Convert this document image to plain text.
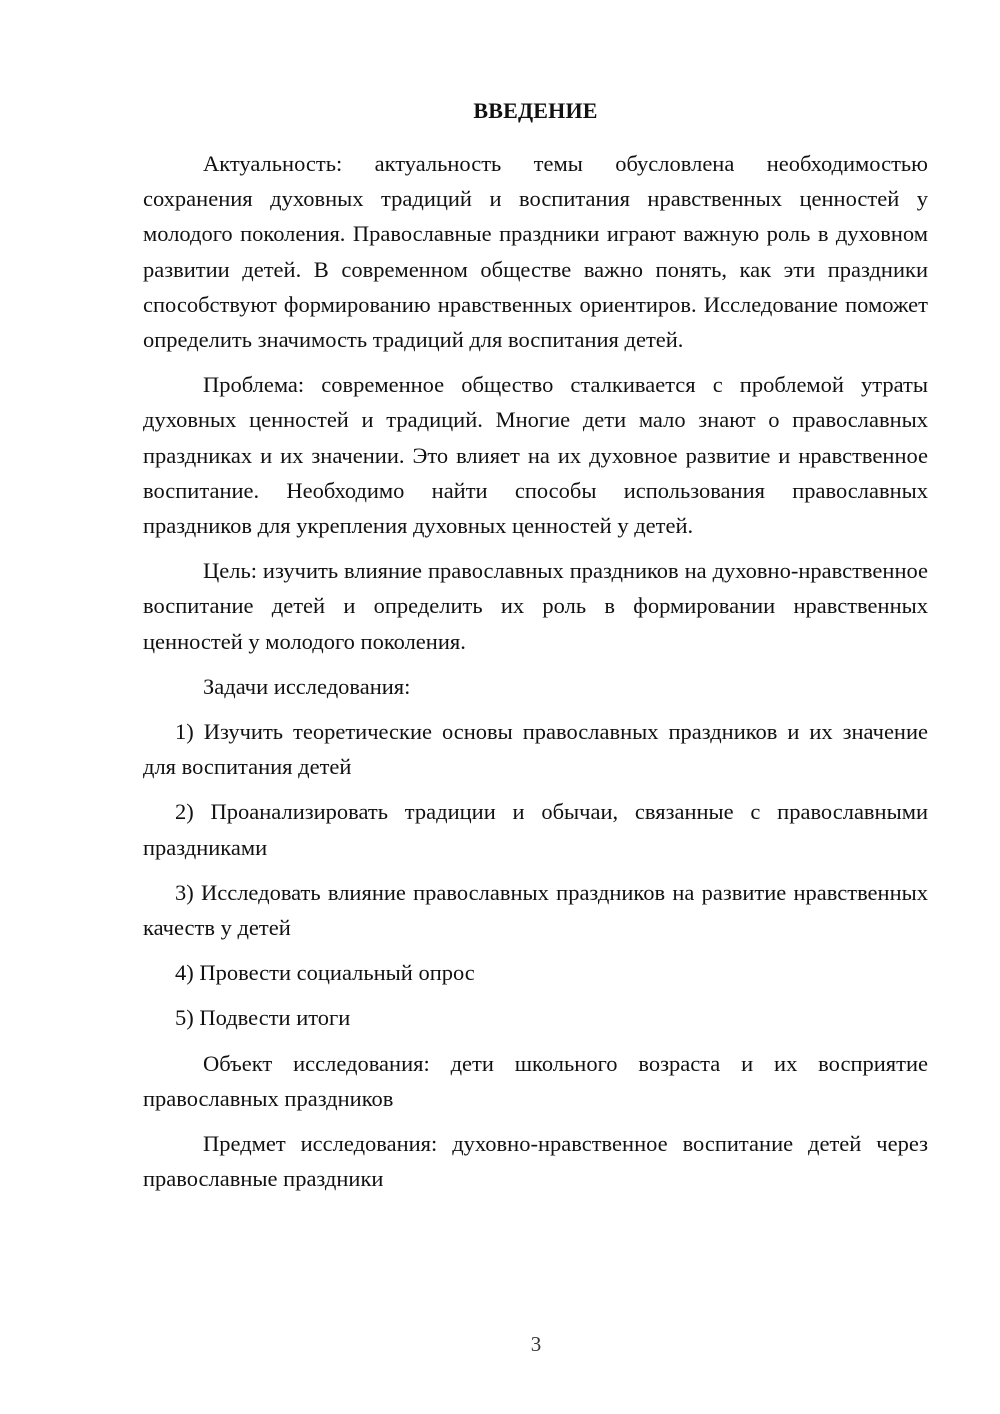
ВВЕДЕНИЕ

Актуальность: актуальность темы обусловлена необходимостью сохранения духовных традиций и воспитания нравственных ценностей у молодого поколения. Православные праздники играют важную роль в духовном развитии детей. В современном обществе важно понять, как эти праздники способствуют формированию нравственных ориентиров. Исследование поможет определить значимость традиций для воспитания детей.

Проблема: современное общество сталкивается с проблемой утраты духовных ценностей и традиций. Многие дети мало знают о православных праздниках и их значении. Это влияет на их духовное развитие и нравственное воспитание. Необходимо найти способы использования православных праздников для укрепления духовных ценностей у детей.

Цель: изучить влияние православных праздников на духовно-нравственное воспитание детей и определить их роль в формировании нравственных ценностей у молодого поколения.

Задачи исследования:

1) Изучить теоретические основы православных праздников и их значение для воспитания детей

2) Проанализировать традиции и обычаи, связанные с православными праздниками

3) Исследовать влияние православных праздников на развитие нравственных качеств у детей

4) Провести социальный опрос

5) Подвести итоги

Объект исследования: дети школьного возраста и их восприятие православных праздников

Предмет исследования: духовно-нравственное воспитание детей через православные праздники

3
